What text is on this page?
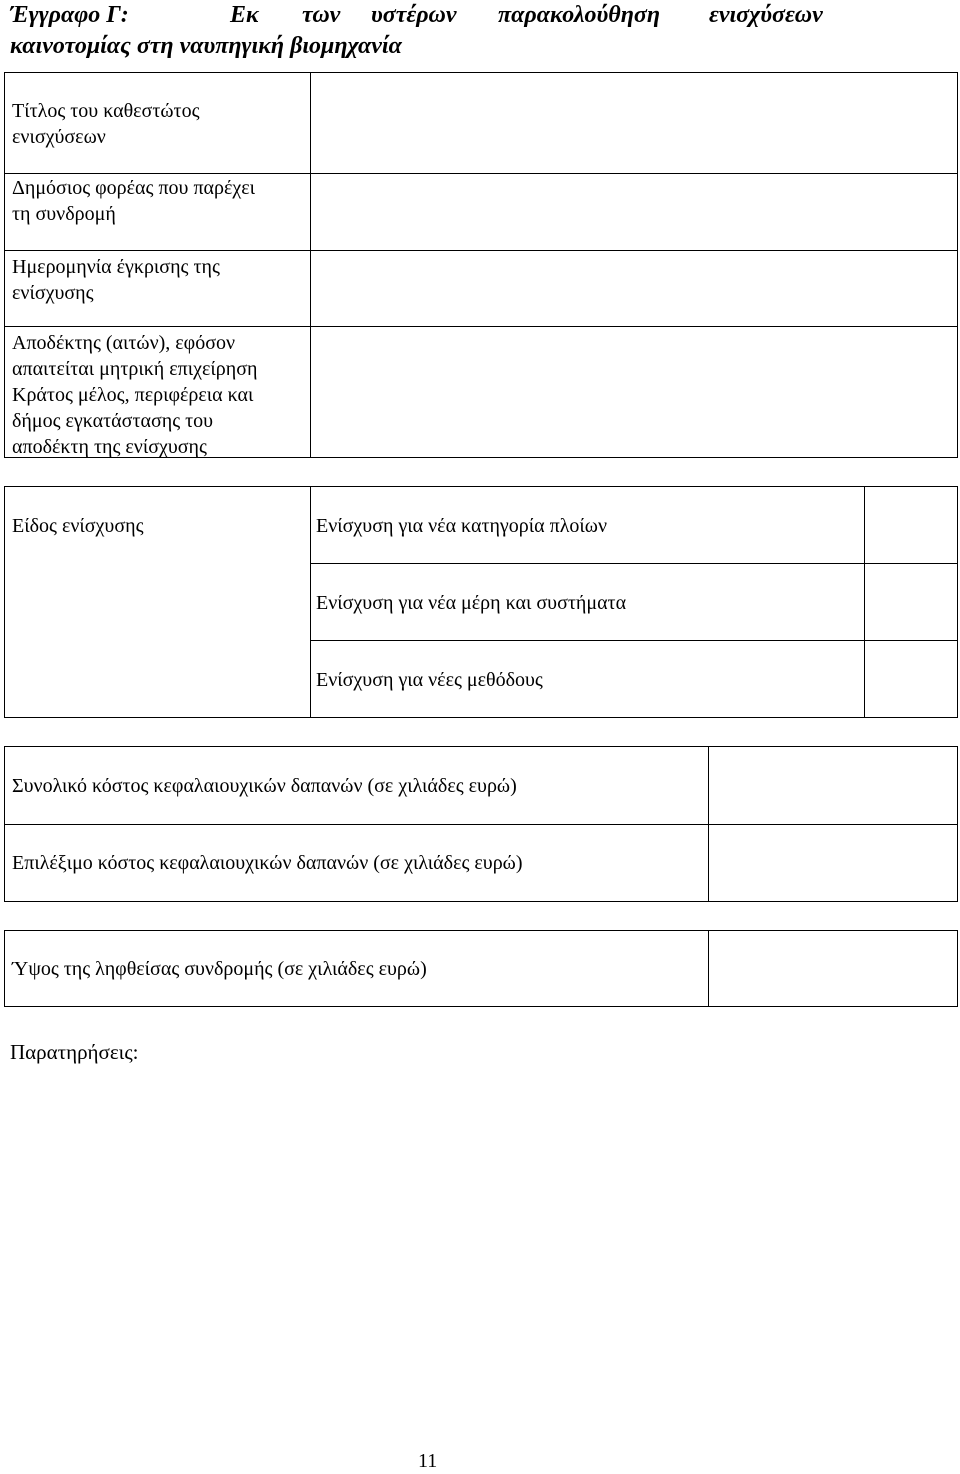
Έγγραφο Γ:	Εκ των υστέρων παρακολούθηση ενισχύσεων
καινοτομίας στη ναυπηγική βιομηχανία
Τίτλος του καθεστώτος
ενισχύσεων
Δημόσιος φορέας που παρέχει
τη συνδρομή
Ημερομηνία έγκρισης της
ενίσχυσης
Αποδέκτης (αιτών), εφόσον
απαιτείται μητρική επιχείρηση
Κράτος μέλος, περιφέρεια και
δήμος εγκατάστασης του
αποδέκτη της ενίσχυσης
Είδος ενίσχυσης	Ενίσχυση για νέα κατηγορία πλοίων
Ενίσχυση για νέα μέρη και συστήματα
Ενίσχυση για νέες μεθόδους
Συνολικό κόστος κεφαλαιουχικών δαπανών (σε χιλιάδες ευρώ)
Επιλέξιμο κόστος κεφαλαιουχικών δαπανών (σε χιλιάδες ευρώ)
Ύψος της ληφθείσας συνδρομής (σε χιλιάδες ευρώ)
Παρατηρήσεις:
11
